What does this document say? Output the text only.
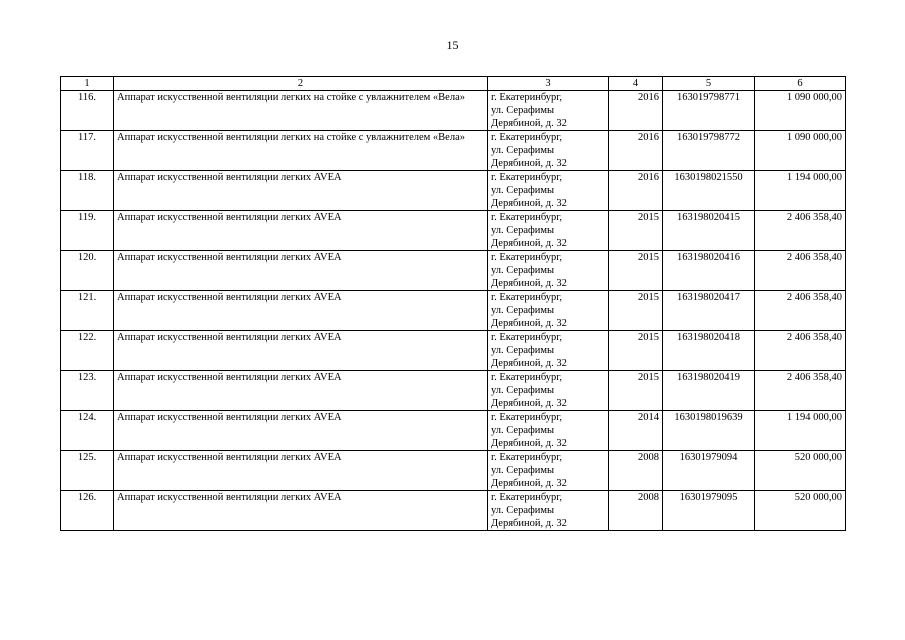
15
1	2	3	4	5	6
116.	Аппарат искусственной вентиляции легких на стойке с увлажнителем «Вела»	г. Екатеринбург,
ул. Серафимы
Дерябиной, д. 32	2016	163019798771	1 090 000,00
117.	Аппарат искусственной вентиляции легких на стойке с увлажнителем «Вела»	г. Екатеринбург,
ул. Серафимы
Дерябиной, д. 32	2016	163019798772	1 090 000,00
118.	Аппарат искусственной вентиляции легких AVEA	г. Екатеринбург,
ул. Серафимы
Дерябиной, д. 32	2016	1630198021550	1 194 000,00
119.	Аппарат искусственной вентиляции легких AVEA	г. Екатеринбург,
ул. Серафимы
Дерябиной, д. 32	2015	163198020415	2 406 358,40
120.	Аппарат искусственной вентиляции легких AVEA	г. Екатеринбург,
ул. Серафимы
Дерябиной, д. 32	2015	163198020416	2 406 358,40
121.	Аппарат искусственной вентиляции легких AVEA	г. Екатеринбург,
ул. Серафимы
Дерябиной, д. 32	2015	163198020417	2 406 358,40
122.	Аппарат искусственной вентиляции легких AVEA	г. Екатеринбург,
ул. Серафимы
Дерябиной, д. 32	2015	163198020418	2 406 358,40
123.	Аппарат искусственной вентиляции легких AVEA	г. Екатеринбург,
ул. Серафимы
Дерябиной, д. 32	2015	163198020419	2 406 358,40
124.	Аппарат искусственной вентиляции легких AVEA	г. Екатеринбург,
ул. Серафимы
Дерябиной, д. 32	2014	1630198019639	1 194 000,00
125.	Аппарат искусственной вентиляции легких AVEA	г. Екатеринбург,
ул. Серафимы
Дерябиной, д. 32	2008	16301979094	520 000,00
126.	Аппарат искусственной вентиляции легких AVEA	г. Екатеринбург,
ул. Серафимы
Дерябиной, д. 32	2008	16301979095	520 000,00
